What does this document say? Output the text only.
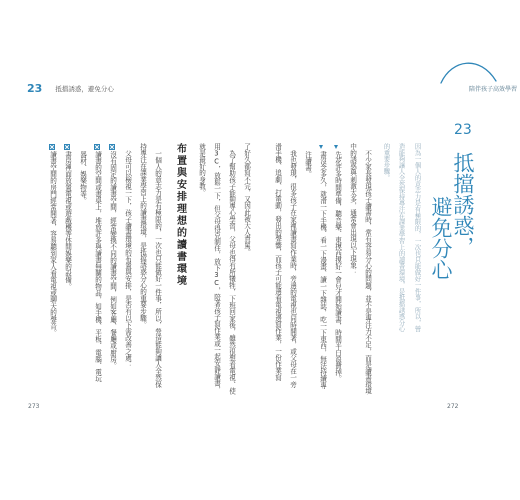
23 抵擋誘惑，避免分心
了好久都寫不完，又因此被大人責罵。
為了幫助孩子能夠專心學習，父母也得有所犧牲，下班回家後，雖然很想看電視、使
用3C，放鬆一下，但父母得克制住，放下3C，陪著孩子寫作業或一起安靜讀書，
就是最好的身教。
布置與安排理想的讀書環境
一個人的意志力是有極限的，一次也只能做好一件事，所以，營造能夠讓人全然保
持專注在課業學習上的讀書環境，是抵擋誘惑分心的重要步驟。
父母可以檢視一下，孩子讀書環境的布置與安排，是否有以下需改善之處：
沒有固定的讀書空間，經常變換不同的讀書空間，例如客廳、餐廳或廚房。
讀書的空間或書桌上，堆放許多與讀書無關的物品，如手機、平板、電腦、電玩
器材、娛樂物等。
書房裡面放置電視或遊戲機等休閒娛樂的設備。
讀書空間的房門經常開著，容易聽到家人看電視或聊天的聲音。
273
陪伴孩子高效學習
23
抵擋誘惑，
避免分心
因為一個人的意志力是有極限的，一次也只能做好一件事，所以，營
造能夠讓人全然保持專注在課業學習上的讀書環境，是抵擋誘惑分心
的重要步驟。
不少家長發現孩子讀書時，常有容易分心的問題，並不是專注力不足，而是讀書環境
中的誘惑與刺激太多，通常會出現以下現象：
先花許多時間準備，聽音樂、東摸西摸好一會兒才開始讀書，時間平白浪費掉。
書沒念多久，就滑一下手機、看一下漫畫、讀一下雜誌，吃一下東西，無法持續專
注讀書。
我也發現，很多孩子在家裡讀書寫作業時，旁邊的電視也同時開著，或父母在一旁
滑手機、追劇、打電動，發出的聲響，而孩子可能邊看電視邊寫作業，一份作業寫
272
